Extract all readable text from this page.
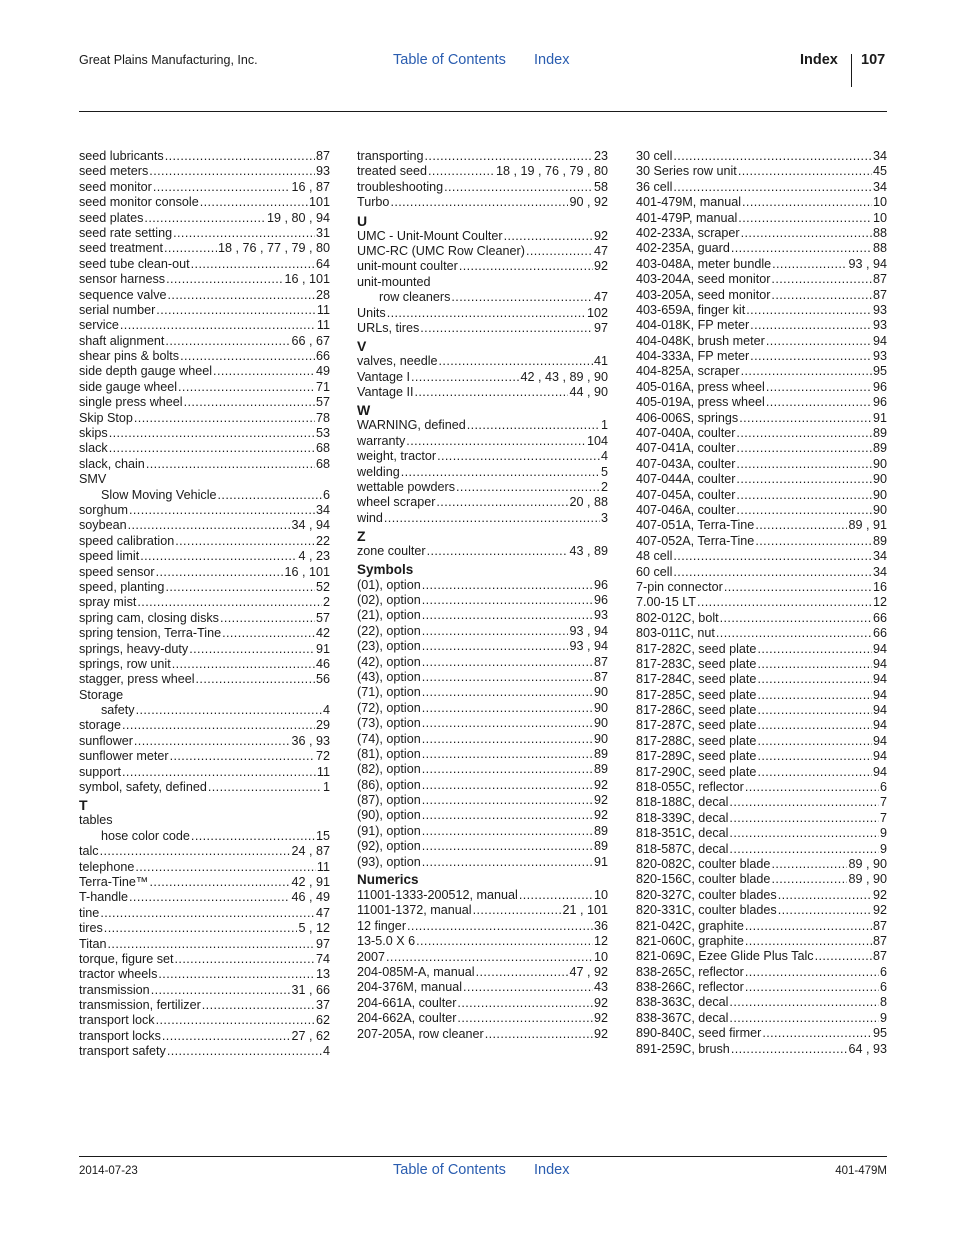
Great Plains Manufacturing, Inc.	Table of Contents Index	Index 107
seed lubricants .....	87
seed meters .....	93
seed monitor .....	16 , 87
seed monitor console .....	101
seed plates .....	19 , 80 , 94
seed rate setting .....	31
seed treatment .....	18 , 76 , 77 , 79 , 80
seed tube clean-out .....	64
sensor harness .....	16 , 101
sequence valve .....	28
serial number .....	11
service .....	11
shaft alignment .....	66 , 67
shear pins & bolts .....	66
side depth gauge wheel .....	49
side gauge wheel .....	71
single press wheel .....	57
Skip Stop .....	78
skips .....	53
slack .....	68
slack, chain .....	68
SMV
Slow Moving Vehicle .....	6
sorghum .....	34
soybean .....	34 , 94
speed calibration .....	22
speed limit .....	4 , 23
speed sensor .....	16 , 101
speed, planting .....	52
spray mist .....	2
spring cam, closing disks .....	57
spring tension, Terra-Tine .....	42
springs, heavy-duty .....	91
springs, row unit .....	46
stagger, press wheel .....	56
Storage
safety .....	4
storage .....	29
sunflower .....	36 , 93
sunflower meter .....	72
support .....	11
symbol, safety, defined .....	1
T
tables
hose color code .....	15
talc .....	24 , 87
telephone .....	11
Terra-Tine™ .....	42 , 91
T-handle .....	46 , 49
tine .....	47
tires .....	5 , 12
Titan .....	97
torque, figure set .....	74
tractor wheels .....	13
transmission .....	31 , 66
transmission, fertilizer .....	37
transport lock .....	62
transport locks .....	27 , 62
transport safety .....	4
transporting .....	23
treated seed .....	18 , 19 , 76 , 79 , 80
troubleshooting .....	58
Turbo .....	90 , 92
U
UMC - Unit-Mount Coulter .....	92
UMC-RC (UMC Row Cleaner) .....	47
unit-mount coulter .....	92
unit-mounted
row cleaners .....	47
Units .....	102
URLs, tires .....	97
V
valves, needle .....	41
Vantage I .....	42 , 43 , 89 , 90
Vantage II .....	44 , 90
W
WARNING, defined .....	1
warranty .....	104
weight, tractor .....	4
welding .....	5
wettable powders .....	2
wheel scraper .....	20 , 88
wind .....	3
Z
zone coulter .....	43 , 89
Symbols
(01), option .....	96
(02), option .....	96
(21), option .....	93
(22), option .....	93 , 94
(23), option .....	93 , 94
(42), option .....	87
(43), option .....	87
(71), option .....	90
(72), option .....	90
(73), option .....	90
(74), option .....	90
(81), option .....	89
(82), option .....	89
(86), option .....	92
(87), option .....	92
(90), option .....	92
(91), option .....	89
(92), option .....	89
(93), option .....	91
Numerics
11001-1333-200512, manual .....	10
11001-1372, manual .....	21 , 101
12 finger .....	36
13-5.0 X 6 .....	12
2007 .....	10
204-085M-A, manual .....	47 , 92
204-376M, manual .....	43
204-661A, coulter .....	92
204-662A, coulter .....	92
207-205A, row cleaner .....	92
30 cell .....	34
30 Series row unit .....	45
36 cell .....	34
401-479M, manual .....	10
401-479P, manual .....	10
402-233A, scraper .....	88
402-235A, guard .....	88
403-048A, meter bundle .....	93 , 94
403-204A, seed monitor .....	87
403-205A, seed monitor .....	87
403-659A, finger kit .....	93
404-018K, FP meter .....	93
404-048K, brush meter .....	94
404-333A, FP meter .....	93
404-825A, scraper .....	95
405-016A, press wheel .....	96
405-019A, press wheel .....	96
406-006S, springs .....	91
407-040A, coulter .....	89
407-041A, coulter .....	89
407-043A, coulter .....	90
407-044A, coulter .....	90
407-045A, coulter .....	90
407-046A, coulter .....	90
407-051A, Terra-Tine .....	89 , 91
407-052A, Terra-Tine .....	89
48 cell .....	34
60 cell .....	34
7-pin connector .....	16
7.00-15 LT .....	12
802-012C, bolt .....	66
803-011C, nut .....	66
817-282C, seed plate .....	94
817-283C, seed plate .....	94
817-284C, seed plate .....	94
817-285C, seed plate .....	94
817-286C, seed plate .....	94
817-287C, seed plate .....	94
817-288C, seed plate .....	94
817-289C, seed plate .....	94
817-290C, seed plate .....	94
818-055C, reflector .....	6
818-188C, decal .....	7
818-339C, decal .....	7
818-351C, decal .....	9
818-587C, decal .....	9
820-082C, coulter blade .....	89 , 90
820-156C, coulter blade .....	89 , 90
820-327C, coulter blades .....	92
820-331C, coulter blades .....	92
821-042C, graphite .....	87
821-060C, graphite .....	87
821-069C, Ezee Glide Plus Talc .....	87
838-265C, reflector .....	6
838-266C, reflector .....	6
838-363C, decal .....	8
838-367C, decal .....	9
890-840C, seed firmer .....	95
891-259C, brush .....	64 , 93
2014-07-23	Table of Contents Index	401-479M
